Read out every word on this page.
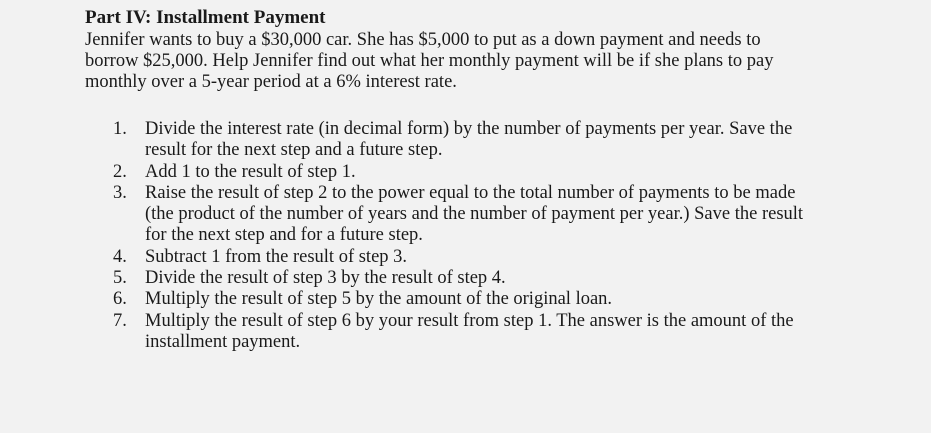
Part IV: Installment Payment

Jennifer wants to buy a $30,000 car. She has $5,000 to put as a down payment and needs to borrow $25,000. Help Jennifer find out what her monthly payment will be if she plans to pay monthly over a 5-year period at a 6% interest rate.

1. Divide the interest rate (in decimal form) by the number of payments per year. Save the result for the next step and a future step.
2. Add 1 to the result of step 1.
3. Raise the result of step 2 to the power equal to the total number of payments to be made (the product of the number of years and the number of payment per year.) Save the result for the next step and for a future step.
4. Subtract 1 from the result of step 3.
5. Divide the result of step 3 by the result of step 4.
6. Multiply the result of step 5 by the amount of the original loan.
7. Multiply the result of step 6 by your result from step 1. The answer is the amount of the installment payment.
